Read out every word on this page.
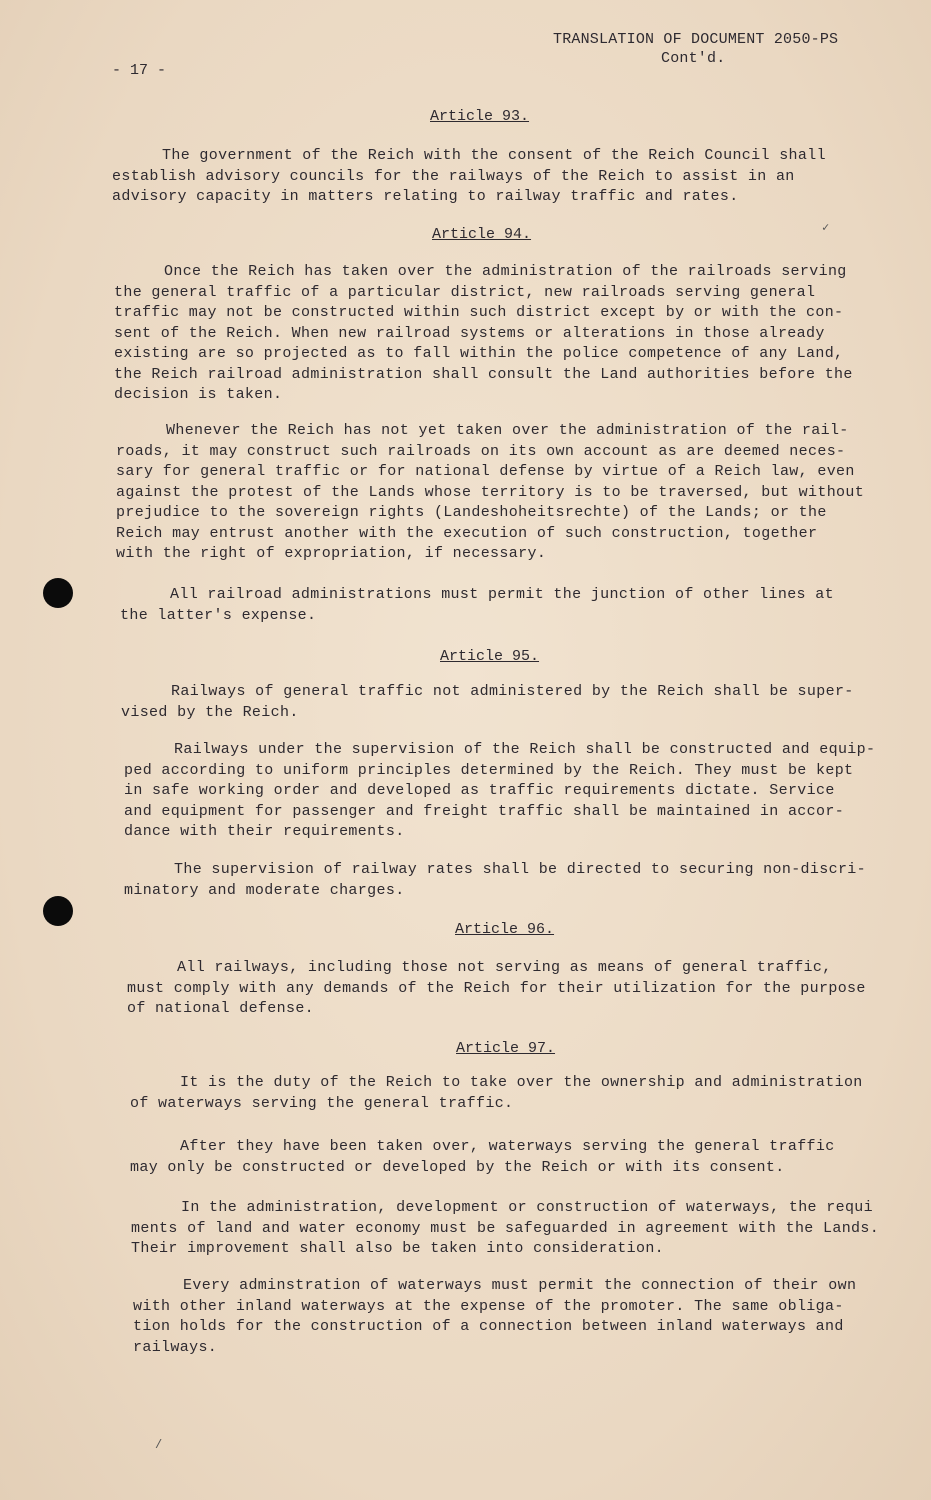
TRANSLATION OF DOCUMENT 2050-PS
Cont'd.
- 17 -
Article 93.
The government of the Reich with the consent of the Reich Council shall
establish advisory councils for the railways of the Reich to assist in an
advisory capacity in matters relating to railway traffic and rates.
Article 94.
Once the Reich has taken over the administration of the railroads serving
the general traffic of a particular district, new railroads serving general
traffic may not be constructed within such district except by or with the con-
sent of the Reich. When new railroad systems or alterations in those already
existing are so projected as to fall within the police competence of any Land,
the Reich railroad administration shall consult the Land authorities before the
decision is taken.
Whenever the Reich has not yet taken over the administration of the rail-
roads, it may construct such railroads on its own account as are deemed neces-
sary for general traffic or for national defense by virtue of a Reich law, even
against the protest of the Lands whose territory is to be traversed, but without
prejudice to the sovereign rights (Landeshoheitsrechte) of the Lands; or the
Reich may entrust another with the execution of such construction, together
with the right of expropriation, if necessary.
All railroad administrations must permit the junction of other lines at
the latter's expense.
Article 95.
Railways of general traffic not administered by the Reich shall be super-
vised by the Reich.
Railways under the supervision of the Reich shall be constructed and equip-
ped according to uniform principles determined by the Reich. They must be kept
in safe working order and developed as traffic requirements dictate. Service
and equipment for passenger and freight traffic shall be maintained in accor-
dance with their requirements.
The supervision of railway rates shall be directed to securing non-discri-
minatory and moderate charges.
Article 96.
All railways, including those not serving as means of general traffic,
must comply with any demands of the Reich for their utilization for the purpose
of national defense.
Article 97.
It is the duty of the Reich to take over the ownership and administration
of waterways serving the general traffic.
After they have been taken over, waterways serving the general traffic
may only be constructed or developed by the Reich or with its consent.
In the administration, development or construction of waterways, the requi
ments of land and water economy must be safeguarded in agreement with the Lands.
Their improvement shall also be taken into consideration.
Every adminstration of waterways must permit the connection of their own
with other inland waterways at the expense of the promoter. The same obliga-
tion holds for the construction of a connection between inland waterways and
railways.
✓
/
